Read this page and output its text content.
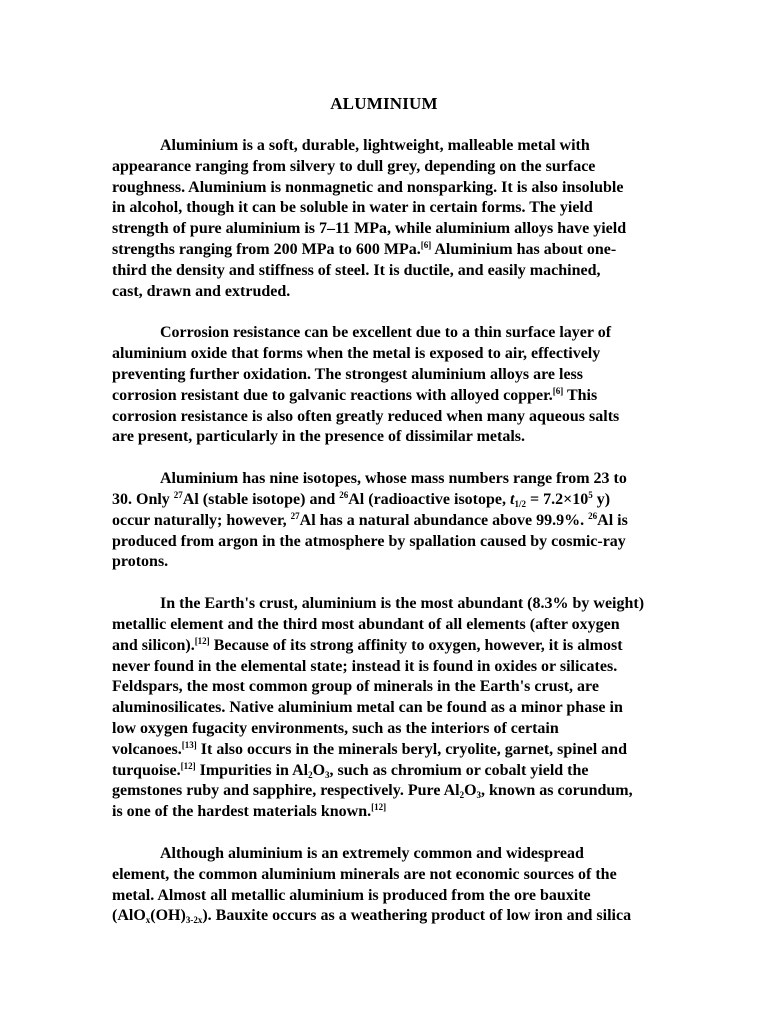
ALUMINIUM
Aluminium is a soft, durable, lightweight, malleable metal with
appearance ranging from silvery to dull grey, depending on the surface
roughness. Aluminium is nonmagnetic and nonsparking. It is also insoluble
in alcohol, though it can be soluble in water in certain forms. The yield
strength of pure aluminium is 7–11 MPa, while aluminium alloys have yield
strengths ranging from 200 MPa to 600 MPa.[6] Aluminium has about one-
third the density and stiffness of steel. It is ductile, and easily machined,
cast, drawn and extruded.
Corrosion resistance can be excellent due to a thin surface layer of
aluminium oxide that forms when the metal is exposed to air, effectively
preventing further oxidation. The strongest aluminium alloys are less
corrosion resistant due to galvanic reactions with alloyed copper.[6] This
corrosion resistance is also often greatly reduced when many aqueous salts
are present, particularly in the presence of dissimilar metals.
Aluminium has nine isotopes, whose mass numbers range from 23 to
30. Only $^{27}$Al (stable isotope) and $^{26}$Al (radioactive isotope, $t_{1/2} = 7.2\times 10^5$ y)
occur naturally; however, $^{27}$Al has a natural abundance above 99.9%. $^{26}$Al is
produced from argon in the atmosphere by spallation caused by cosmic-ray
protons.
In the Earth's crust, aluminium is the most abundant (8.3% by weight)
metallic element and the third most abundant of all elements (after oxygen
and silicon).[12] Because of its strong affinity to oxygen, however, it is almost
never found in the elemental state; instead it is found in oxides or silicates.
Feldspars, the most common group of minerals in the Earth's crust, are
aluminosilicates. Native aluminium metal can be found as a minor phase in
low oxygen fugacity environments, such as the interiors of certain
volcanoes.[13] It also occurs in the minerals beryl, cryolite, garnet, spinel and
turquoise.[12] Impurities in $Al_2O_3$, such as chromium or cobalt yield the
gemstones ruby and sapphire, respectively. Pure $Al_2O_3$, known as corundum,
is one of the hardest materials known.[12]
Although aluminium is an extremely common and widespread
element, the common aluminium minerals are not economic sources of the
metal. Almost all metallic aluminium is produced from the ore bauxite
$(AlO_x(OH)_{3-2x})$. Bauxite occurs as a weathering product of low iron and silica
